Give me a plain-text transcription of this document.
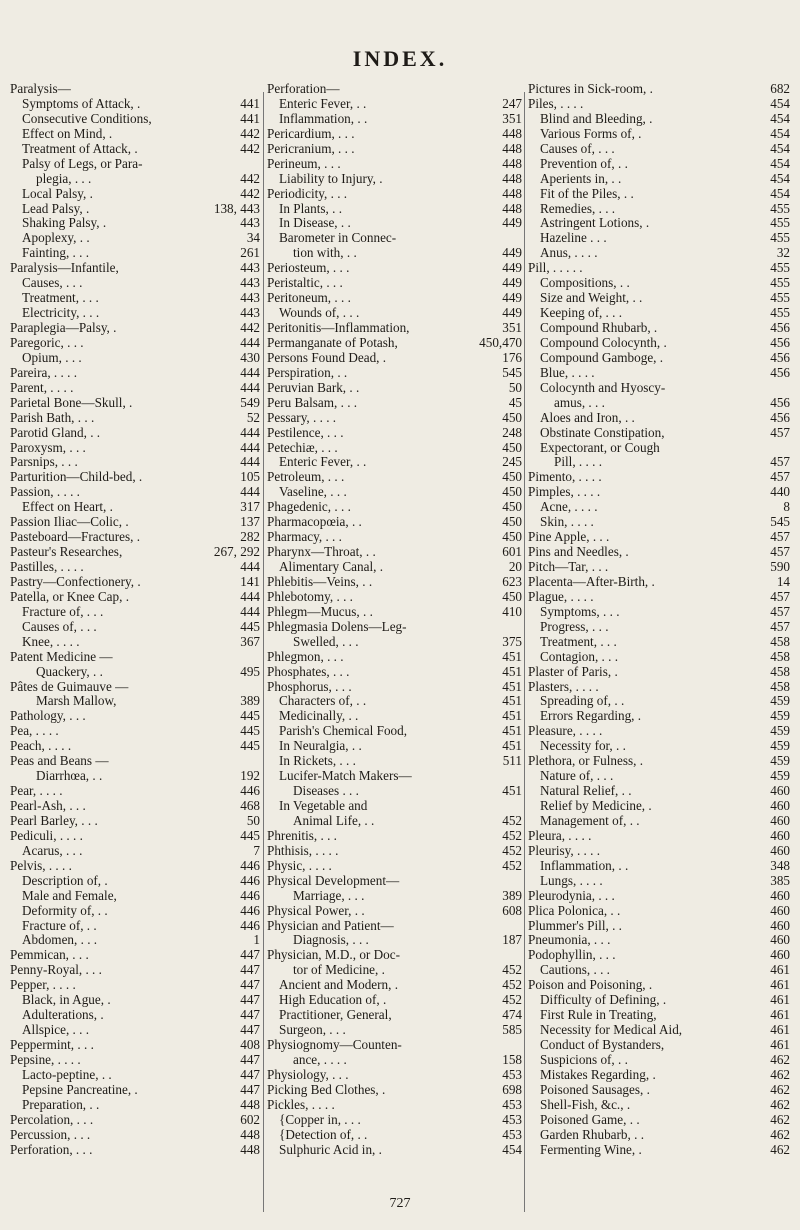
INDEX.
Paralysis—
Symptoms of Attack, .	441
Consecutive Conditions,	441
Effect on Mind, .	442
Treatment of Attack, .	442
Palsy of Legs, or Para-
plegia, . . .	442
Local Palsy, .	442
Lead Palsy, .	138, 443
Shaking Palsy, .	443
Apoplexy, . .	34
Fainting, . . .	261
Paralysis—Infantile,	443
Causes, . . .	443
Treatment, . . .	443
Electricity, . . .	443
Paraplegia—Palsy, .	442
Paregoric, . . .	444
Opium, . . .	430
Pareira, . . . .	444
Parent, . . . .	444
Parietal Bone—Skull, .	549
Parish Bath, . . .	52
Parotid Gland, . .	444
Paroxysm, . . .	444
Parsnips, . . .	444
Parturition—Child-bed, .	105
Passion, . . . .	444
Effect on Heart, .	317
Passion Iliac—Colic, .	137
Pasteboard—Fractures, .	282
Pasteur's Researches,	267, 292
Pastilles, . . . .	444
Pastry—Confectionery, .	141
Patella, or Knee Cap, .	444
Fracture of, . . .	444
Causes of, . . .	445
Knee, . . . .	367
Patent Medicine —
Quackery, . .	495
Pâtes de Guimauve —
Marsh Mallow,	389
Pathology, . . .	445
Pea, . . . .	445
Peach, . . . .	445
Peas and Beans —
Diarrhœa, . .	192
Pear, . . . .	446
Pearl-Ash, . . .	468
Pearl Barley, . . .	50
Pediculi, . . . .	445
Acarus, . . .	7
Pelvis, . . . .	446
Description of, .	446
Male and Female,	446
Deformity of, . .	446
Fracture of, . .	446
Abdomen, . . .	1
Pemmican, . . .	447
Penny-Royal, . . .	447
Pepper, . . . .	447
Black, in Ague, .	447
Adulterations, .	447
Allspice, . . .	447
Peppermint, . . .	408
Pepsine, . . . .	447
Lacto-peptine, . .	447
Pepsine Pancreatine, .	447
Preparation, . .	448
Percolation, . . .	602
Percussion, . . .	448
Perforation, . . .	448
Perforation—
Enteric Fever, . .	247
Inflammation, . .	351
Pericardium, . . .	448
Pericranium, . . .	448
Perineum, . . .	448
Liability to Injury, .	448
Periodicity, . . .	448
In Plants, . .	448
In Disease, . .	449
Barometer in Connec-
tion with, . .	449
Periosteum, . . .	449
Peristaltic, . . .	449
Peritoneum, . . .	449
Wounds of, . . .	449
Peritonitis—Inflammation,	351
Permanganate of Potash,	450,470
Persons Found Dead, .	176
Perspiration, . .	545
Peruvian Bark, . .	50
Peru Balsam, . . .	45
Pessary, . . . .	450
Pestilence, . . .	248
Petechiæ, . . .	450
Enteric Fever, . .	245
Petroleum, . . .	450
Vaseline, . . .	450
Phagedenic, . . .	450
Pharmacopœia, . .	450
Pharmacy, . . .	450
Pharynx—Throat, . .	601
Alimentary Canal, .	20
Phlebitis—Veins, . .	623
Phlebotomy, . . .	450
Phlegm—Mucus, . .	410
Phlegmasia Dolens—Leg-
Swelled, . . .	375
Phlegmon, . . .	451
Phosphates, . . .	451
Phosphorus, . . .	451
Characters of, . .	451
Medicinally, . .	451
Parish's Chemical Food,	451
In Neuralgia, . .	451
In Rickets, . . .	511
Lucifer-Match Makers—
Diseases . . .	451
In Vegetable and
Animal Life, . .	452
Phrenitis, . . .	452
Phthisis, . . . .	452
Physic, . . . .	452
Physical Development—
Marriage, . . .	389
Physical Power, . .	608
Physician and Patient—
Diagnosis, . . .	187
Physician, M.D., or Doc-
tor of Medicine, .	452
Ancient and Modern, .	452
High Education of, .	452
Practitioner, General,	474
Surgeon, . . .	585
Physiognomy—Counten-
ance, . . . .	158
Physiology, . . .	453
Picking Bed Clothes, .	698
Pickles, . . . .	453
{Copper in, . . .	453
{Detection of, . .	453
Sulphuric Acid in, .	454
Pictures in Sick-room, .	682
Piles, . . . .	454
Blind and Bleeding, .	454
Various Forms of, .	454
Causes of, . . .	454
Prevention of, . .	454
Aperients in, . .	454
Fit of the Piles, . .	454
Remedies, . . .	455
Astringent Lotions, .	455
Hazeline . . .	455
Anus, . . . .	32
Pill, . . . . .	455
Compositions, . .	455
Size and Weight, . .	455
Keeping of, . . .	455
Compound Rhubarb, .	456
Compound Colocynth, .	456
Compound Gamboge, .	456
Blue, . . . .	456
Colocynth and Hyoscy-
amus, . . .	456
Aloes and Iron, . .	456
Obstinate Constipation,	457
Expectorant, or Cough
Pill, . . . .	457
Pimento, . . . .	457
Pimples, . . . .	440
Acne, . . . .	8
Skin, . . . .	545
Pine Apple, . . .	457
Pins and Needles, .	457
Pitch—Tar, . . .	590
Placenta—After-Birth, .	14
Plague, . . . .	457
Symptoms, . . .	457
Progress, . . .	457
Treatment, . . .	458
Contagion, . . .	458
Plaster of Paris, .	458
Plasters, . . . .	458
Spreading of, . .	459
Errors Regarding, .	459
Pleasure, . . . .	459
Necessity for, . .	459
Plethora, or Fulness, .	459
Nature of, . . .	459
Natural Relief, . .	460
Relief by Medicine, .	460
Management of, . .	460
Pleura, . . . .	460
Pleurisy, . . . .	460
Inflammation, . .	348
Lungs, . . . .	385
Pleurodynia, . . .	460
Plica Polonica, . .	460
Plummer's Pill, . .	460
Pneumonia, . . .	460
Podophyllin, . . .	460
Cautions, . . .	461
Poison and Poisoning, .	461
Difficulty of Defining, .	461
First Rule in Treating,	461
Necessity for Medical Aid,	461
Conduct of Bystanders,	461
Suspicions of, . .	462
Mistakes Regarding, .	462
Poisoned Sausages, .	462
Shell-Fish, &c., .	462
Poisoned Game, . .	462
Garden Rhubarb, . .	462
Fermenting Wine, .	462
727
